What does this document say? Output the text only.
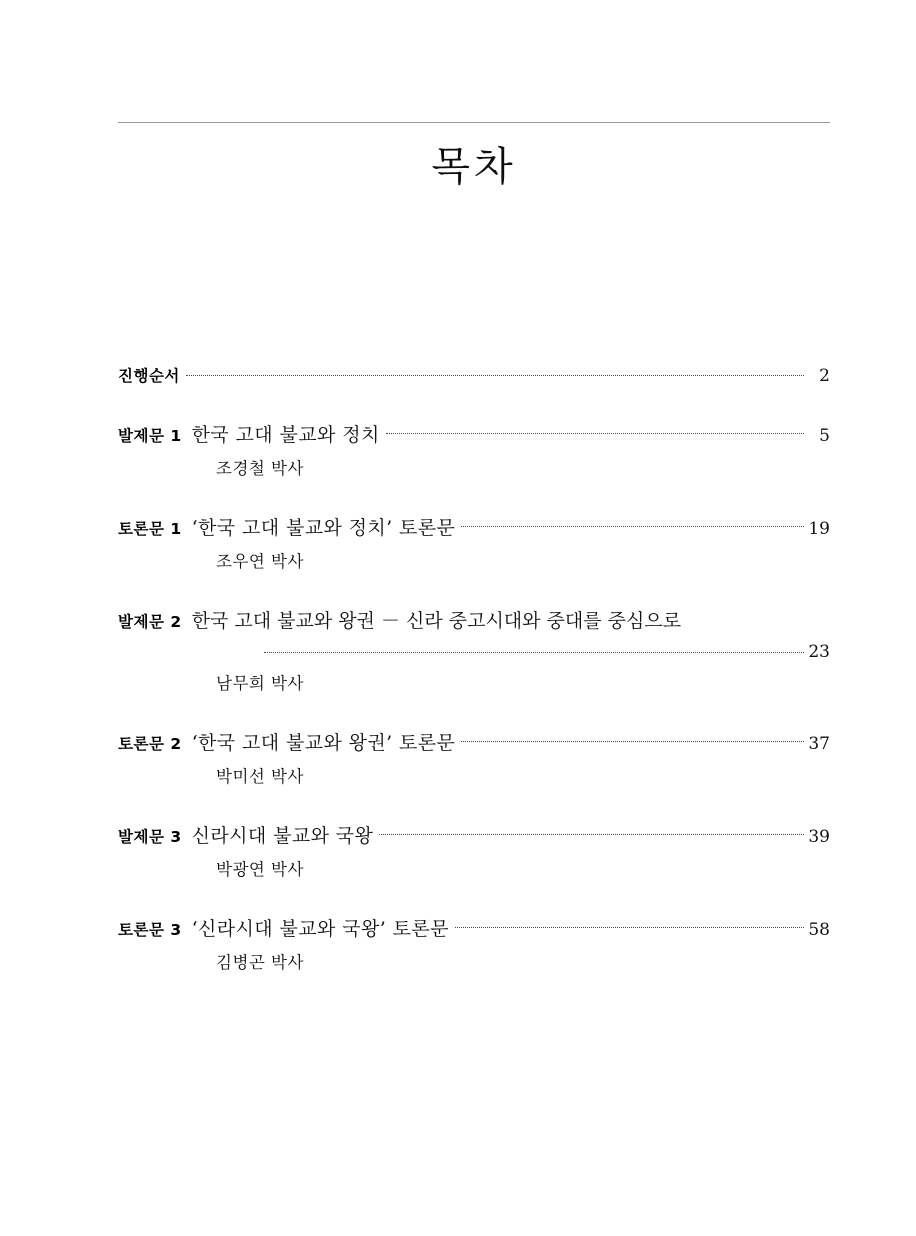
목차
진행순서	2
발제문 1 한국 고대 불교와 정치	5
조경철 박사
토론문 1 ‘한국 고대 불교와 정치’ 토론문	19
조우연 박사
발제문 2 한국 고대 불교와 왕권 － 신라 중고시대와 중대를 중심으로
23
남무희 박사
토론문 2 ‘한국 고대 불교와 왕권’ 토론문	37
박미선 박사
발제문 3 신라시대 불교와 국왕	39
박광연 박사
토론문 3 ‘신라시대 불교와 국왕’ 토론문	58
김병곤 박사
